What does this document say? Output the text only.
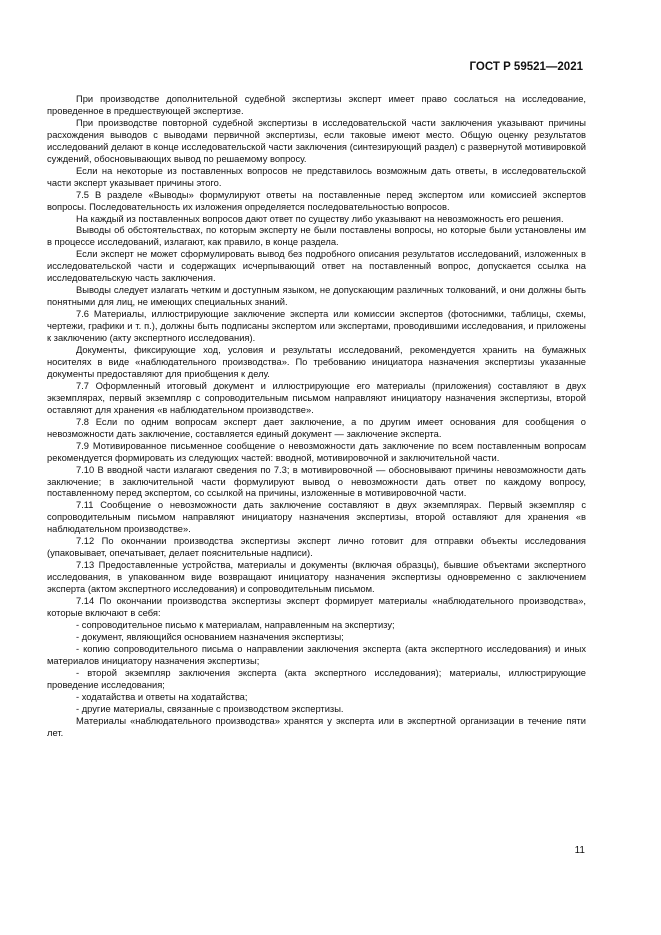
ГОСТ Р 59521—2021

При производстве дополнительной судебной экспертизы эксперт имеет право сослаться на исследование, проведенное в предшествующей экспертизе.

При производстве повторной судебной экспертизы в исследовательской части заключения указывают причины расхождения выводов с выводами первичной экспертизы, если таковые имеют место. Общую оценку результатов исследований делают в конце исследовательской части заключения (синтезирующий раздел) с развернутой мотивировкой суждений, обосновывающих вывод по решаемому вопросу.

Если на некоторые из поставленных вопросов не представилось возможным дать ответы, в исследовательской части эксперт указывает причины этого.

7.5 В разделе «Выводы» формулируют ответы на поставленные перед экспертом или комиссией экспертов вопросы. Последовательность их изложения определяется последовательностью вопросов.

На каждый из поставленных вопросов дают ответ по существу либо указывают на невозможность его решения.

Выводы об обстоятельствах, по которым эксперту не были поставлены вопросы, но которые были установлены им в процессе исследований, излагают, как правило, в конце раздела.

Если эксперт не может сформулировать вывод без подробного описания результатов исследований, изложенных в исследовательской части и содержащих исчерпывающий ответ на поставленный вопрос, допускается ссылка на исследовательскую часть заключения.

Выводы следует излагать четким и доступным языком, не допускающим различных толкований, и они должны быть понятными для лиц, не имеющих специальных знаний.

7.6 Материалы, иллюстрирующие заключение эксперта или комиссии экспертов (фотоснимки, таблицы, схемы, чертежи, графики и т. п.), должны быть подписаны экспертом или экспертами, проводившими исследования, и приложены к заключению (акту экспертного исследования).

Документы, фиксирующие ход, условия и результаты исследований, рекомендуется хранить на бумажных носителях в виде «наблюдательного производства». По требованию инициатора назначения экспертизы указанные документы предоставляют для приобщения к делу.

7.7 Оформленный итоговый документ и иллюстрирующие его материалы (приложения) составляют в двух экземплярах, первый экземпляр с сопроводительным письмом направляют инициатору назначения экспертизы, второй оставляют для хранения «в наблюдательном производстве».

7.8 Если по одним вопросам эксперт дает заключение, а по другим имеет основания для сообщения о невозможности дать заключение, составляется единый документ — заключение эксперта.

7.9 Мотивированное письменное сообщение о невозможности дать заключение по всем поставленным вопросам рекомендуется формировать из следующих частей: вводной, мотивировочной и заключительной части.

7.10 В вводной части излагают сведения по 7.3; в мотивировочной — обосновывают причины невозможности дать заключение; в заключительной части формулируют вывод о невозможности дать ответ по каждому вопросу, поставленному перед экспертом, со ссылкой на причины, изложенные в мотивировочной части.

7.11 Сообщение о невозможности дать заключение составляют в двух экземплярах. Первый экземпляр с сопроводительным письмом направляют инициатору назначения экспертизы, второй оставляют для хранения «в наблюдательном производстве».

7.12 По окончании производства экспертизы эксперт лично готовит для отправки объекты исследования (упаковывает, опечатывает, делает пояснительные надписи).

7.13 Предоставленные устройства, материалы и документы (включая образцы), бывшие объектами экспертного исследования, в упакованном виде возвращают инициатору назначения экспертизы одновременно с заключением эксперта (актом экспертного исследования) и сопроводительным письмом.

7.14 По окончании производства экспертизы эксперт формирует материалы «наблюдательного производства», которые включают в себя:

- сопроводительное письмо к материалам, направленным на экспертизу;

- документ, являющийся основанием назначения экспертизы;

- копию сопроводительного письма о направлении заключения эксперта (акта экспертного исследования) и иных материалов инициатору назначения экспертизы;

- второй экземпляр заключения эксперта (акта экспертного исследования); материалы, иллюстрирующие проведение исследования;

- ходатайства и ответы на ходатайства;

- другие материалы, связанные с производством экспертизы.

Материалы «наблюдательного производства» хранятся у эксперта или в экспертной организации в течение пяти лет.

11
